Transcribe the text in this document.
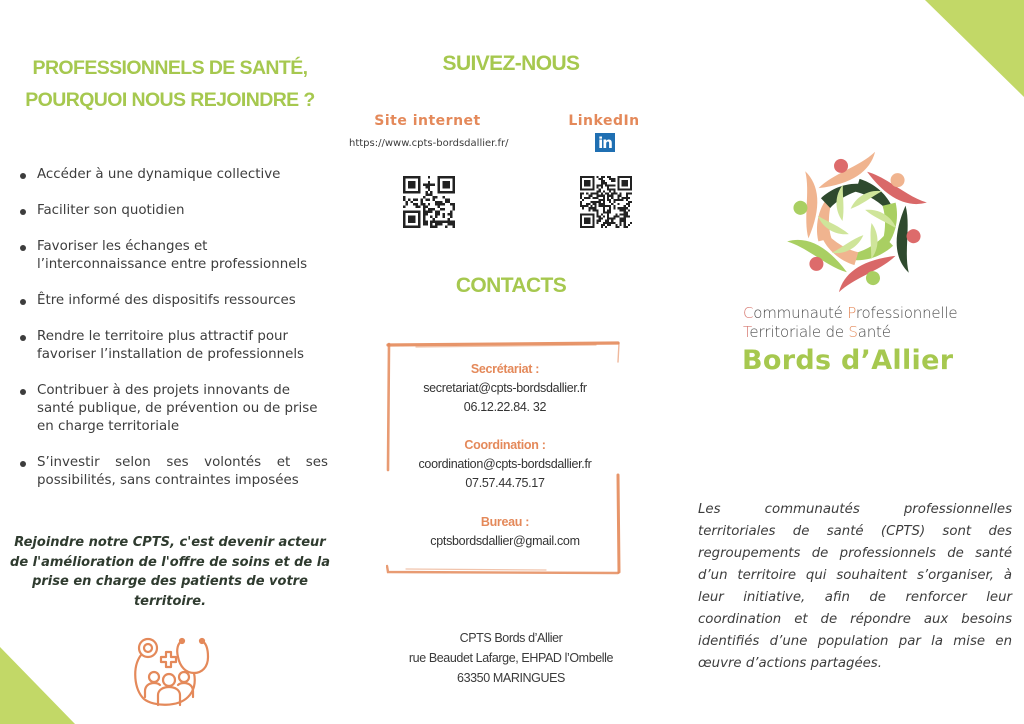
PROFESSIONNELS DE SANTÉ,
POURQUOI NOUS REJOINDRE ?
Accéder à une dynamique collective
Faciliter son quotidien
Favoriser les échanges et
l’interconnaissance entre professionnels
Être informé des dispositifs ressources
Rendre le territoire plus attractif pour
favoriser l’installation de professionnels
Contribuer à des projets innovants de santé publique, de prévention ou de prise en charge territoriale
S’investir selon ses volontés et ses possibilités, sans contraintes imposées
Rejoindre notre CPTS, c'est devenir acteur de l'amélioration de l'offre de soins et de la prise en charge des patients de votre territoire.
SUIVEZ-NOUS
Site internet
https://www.cpts-bordsdallier.fr/
LinkedIn
in
CONTACTS
Secrétariat :
secretariat@cpts-bordsdallier.fr
06.12.22.84. 32
Coordination :
coordination@cpts-bordsdallier.fr
07.57.44.75.17
Bureau :
cptsbordsdallier@gmail.com
CPTS Bords d’Allier
rue Beaudet Lafarge, EHPAD l’Ombelle
63350 MARINGUES
Communauté Professionnelle
Territoriale de Santé
Bords d’Allier
Les communautés professionnelles territoriales de santé (CPTS) sont des regroupements de professionnels de santé d’un territoire qui souhaitent s’organiser, à leur initiative, afin de renforcer leur coordination et de répondre aux besoins identifiés d’une population par la mise en œuvre d’actions partagées.
